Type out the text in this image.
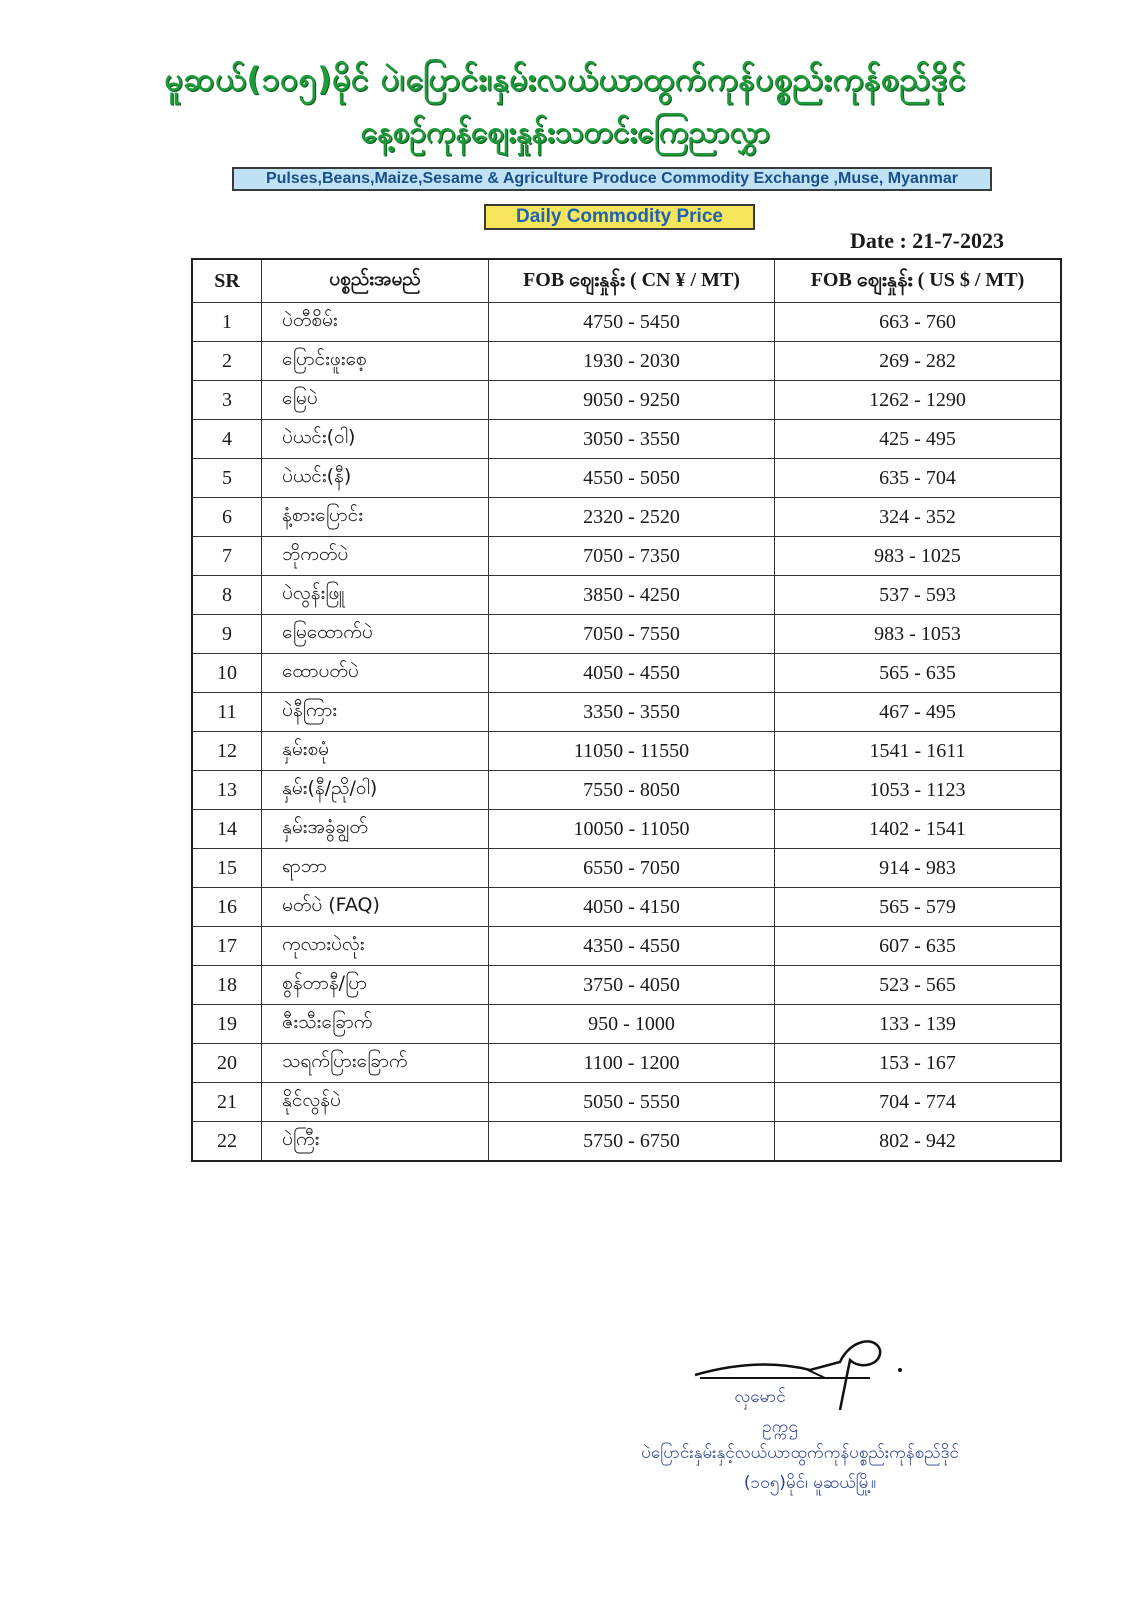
မူဆယ်(၁၀၅)မိုင် ပဲ၊ပြောင်း၊နှမ်းလယ်ယာထွက်ကုန်ပစ္စည်းကုန်စည်ဒိုင်
နေ့စဉ်ကုန်ဈေးနှုန်းသတင်းကြေညာလွှာ
Pulses,Beans,Maize,Sesame & Agriculture Produce Commodity Exchange ,Muse, Myanmar
Daily Commodity Price
Date : 21-7-2023
SR	ပစ္စည်းအမည်	FOB ဈေးနှုန်း ( CN ¥ / MT)	FOB ဈေးနှုန်း ( US $ / MT)
1	ပဲတီစိမ်း	4750 - 5450	663 - 760
2	ပြောင်းဖူးစေ့	1930 - 2030	269 - 282
3	မြေပဲ	9050 - 9250	1262 - 1290
4	ပဲယင်း(ဝါ)	3050 - 3550	425 - 495
5	ပဲယင်း(နီ)	4550 - 5050	635 - 704
6	နံ့စားပြောင်း	2320 - 2520	324 - 352
7	ဘိုကတ်ပဲ	7050 - 7350	983 - 1025
8	ပဲလွန်းဖြူ	3850 - 4250	537 - 593
9	မြေထောက်ပဲ	7050 - 7550	983 - 1053
10	ထောပတ်ပဲ	4050 - 4550	565 - 635
11	ပဲနီကြား	3350 - 3550	467 - 495
12	နှမ်းစမုံ	11050 - 11550	1541 - 1611
13	နှမ်း(နီ/ညို/ဝါ)	7550 - 8050	1053 - 1123
14	နှမ်းအခွံချွတ်	10050 - 11050	1402 - 1541
15	ရာဘာ	6550 - 7050	914 - 983
16	မတ်ပဲ (FAQ)	4050 - 4150	565 - 579
17	ကုလားပဲလုံး	4350 - 4550	607 - 635
18	စွန်တာနီ/ပြာ	3750 - 4050	523 - 565
19	ဇီးသီးခြောက်	950 - 1000	133 - 139
20	သရက်ပြားခြောက်	1100 - 1200	153 - 167
21	နိုင်လွန်ပဲ	5050 - 5550	704 - 774
22	ပဲကြီး	5750 - 6750	802 - 942
လှမောင်
ဥက္ကဌ
ပဲပြောင်းနှမ်းနှင့်လယ်ယာထွက်ကုန်ပစ္စည်းကုန်စည်ဒိုင်
(၁၀၅)မိုင်၊ မူဆယ်မြို့။
